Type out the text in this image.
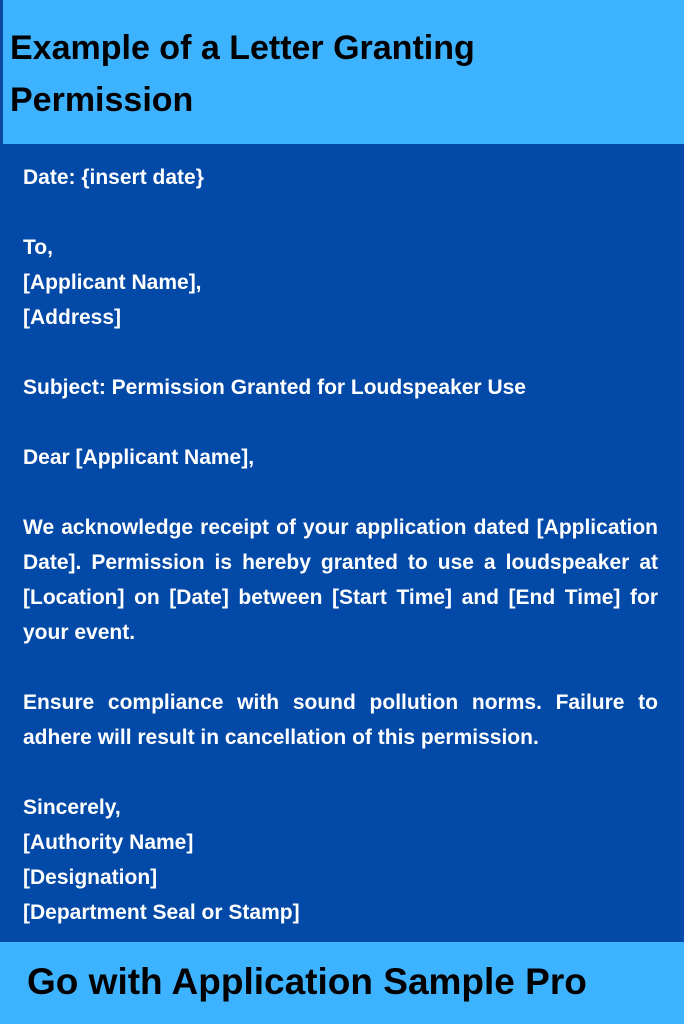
Example of a Letter Granting Permission
Date: {insert date}
To,
[Applicant Name],
[Address]
Subject: Permission Granted for Loudspeaker Use
Dear [Applicant Name],
We acknowledge receipt of your application dated [Application Date]. Permission is hereby granted to use a loudspeaker at [Location] on [Date] between [Start Time] and [End Time] for your event.
Ensure compliance with sound pollution norms. Failure to adhere will result in cancellation of this permission.
Sincerely,
[Authority Name]
[Designation]
[Department Seal or Stamp]

Go with Application Sample Pro
